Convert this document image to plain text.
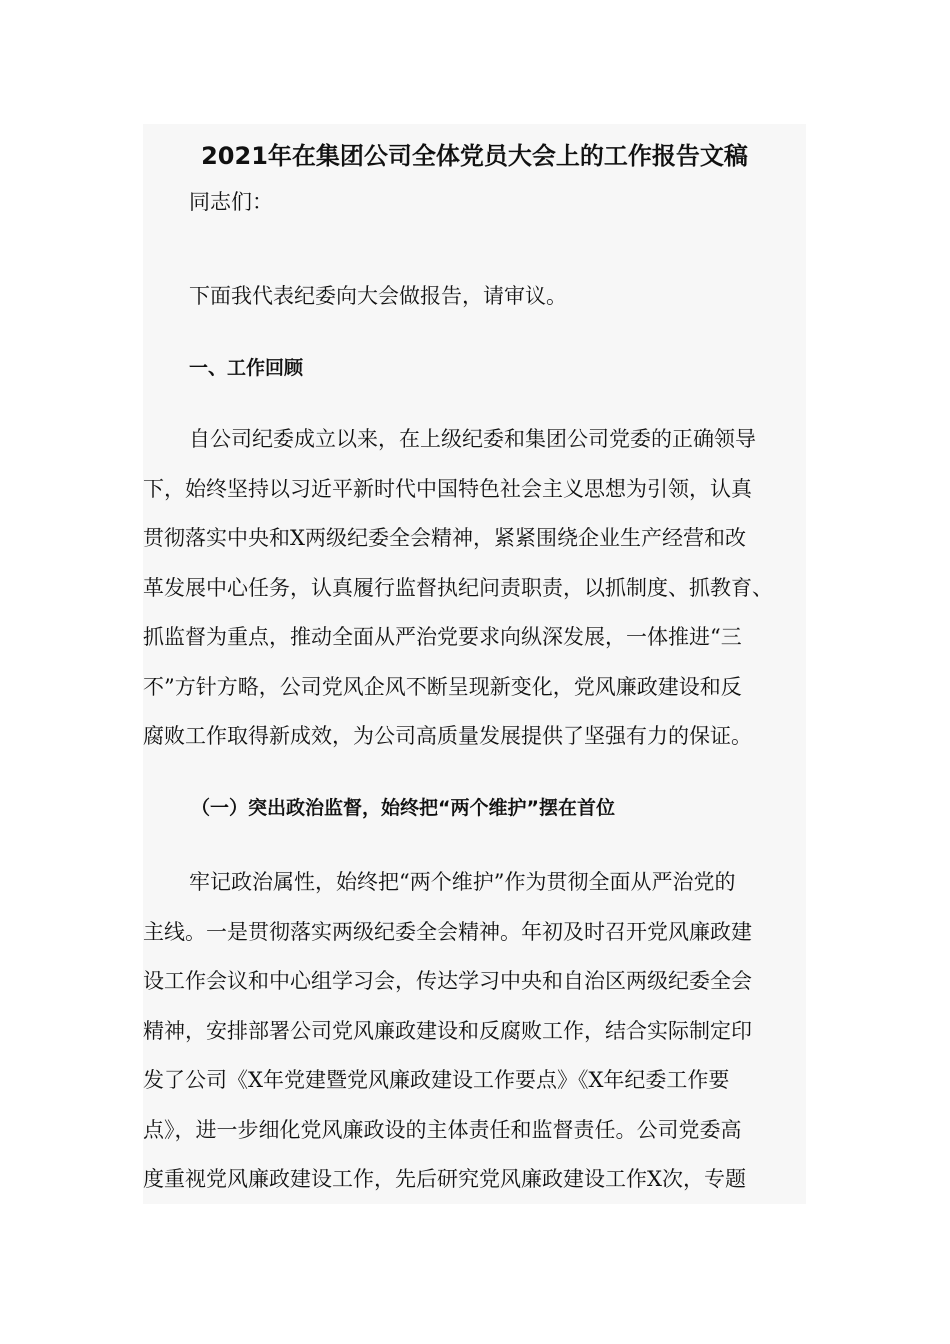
2021年在集团公司全体党员大会上的工作报告文稿

同志们：

下面我代表纪委向大会做报告，请审议。

一、工作回顾

自公司纪委成立以来，在上级纪委和集团公司党委的正确领导
下，始终坚持以习近平新时代中国特色社会主义思想为引领，认真
贯彻落实中央和X两级纪委全会精神，紧紧围绕企业生产经营和改
革发展中心任务，认真履行监督执纪问责职责，以抓制度、抓教育、
抓监督为重点，推动全面从严治党要求向纵深发展，一体推进“三
不”方针方略，公司党风企风不断呈现新变化，党风廉政建设和反
腐败工作取得新成效，为公司高质量发展提供了坚强有力的保证。

（一）突出政治监督，始终把“两个维护”摆在首位

牢记政治属性，始终把“两个维护”作为贯彻全面从严治党的
主线。一是贯彻落实两级纪委全会精神。年初及时召开党风廉政建
设工作会议和中心组学习会，传达学习中央和自治区两级纪委全会
精神，安排部署公司党风廉政建设和反腐败工作，结合实际制定印
发了公司《X年党建暨党风廉政建设工作要点》《X年纪委工作要
点》，进一步细化党风廉政设的主体责任和监督责任。公司党委高
度重视党风廉政建设工作，先后研究党风廉政建设工作X次，专题
